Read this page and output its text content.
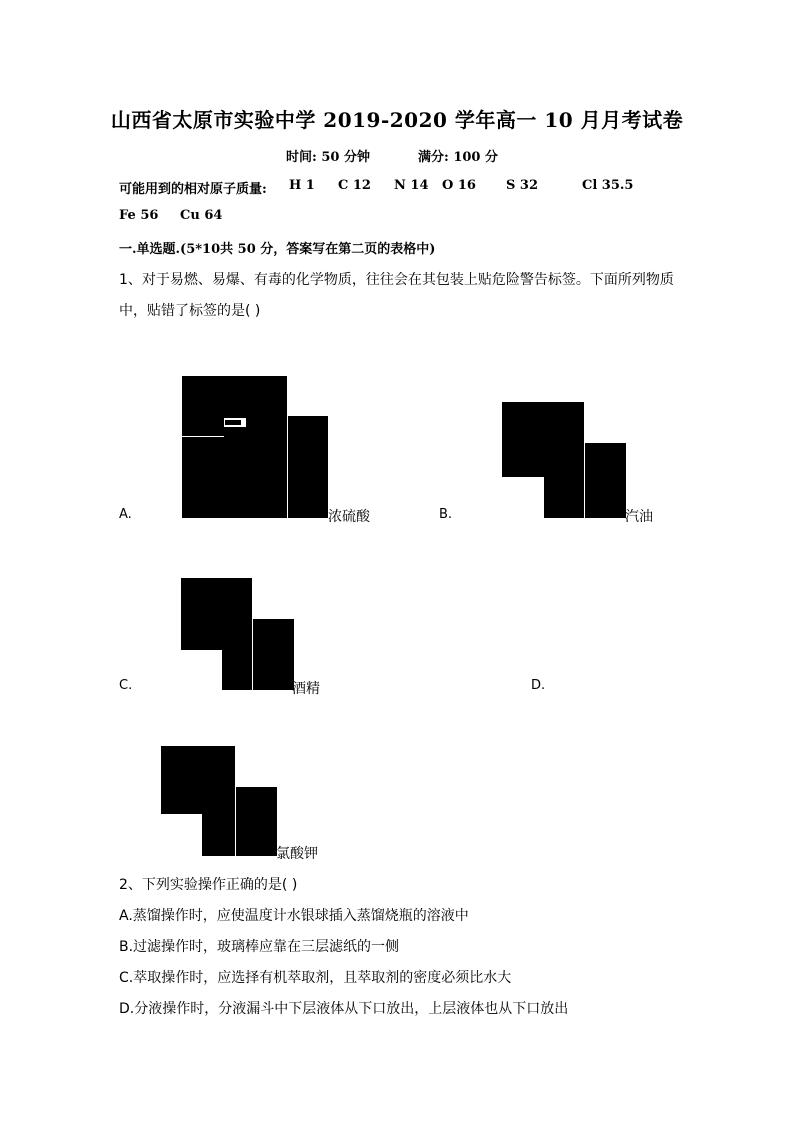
山西省太原市实验中学 2019-2020 学年高一 10 月月考试卷
时间: 50 分钟	满分: 100 分
可能用到的相对原子质量: H 1 C 12 N 14 O 16 S 32	Cl 35.5
Fe 56 Cu 64
一.单选题.(5*10共 50 分，答案写在第二页的表格中)
1、对于易燃、易爆、有毒的化学物质，往往会在其包装上贴危险警告标签。下面所列物质
中，贴错了标签的是( )
A.	浓硫酸	B.	汽油
C.	酒精	D.
氯酸钾
2、下列实验操作正确的是( )
A.蒸馏操作时，应使温度计水银球插入蒸馏烧瓶的溶液中
B.过滤操作时，玻璃棒应靠在三层滤纸的一侧
C.萃取操作时，应选择有机萃取剂，且萃取剂的密度必须比水大
D.分液操作时，分液漏斗中下层液体从下口放出，上层液体也从下口放出
